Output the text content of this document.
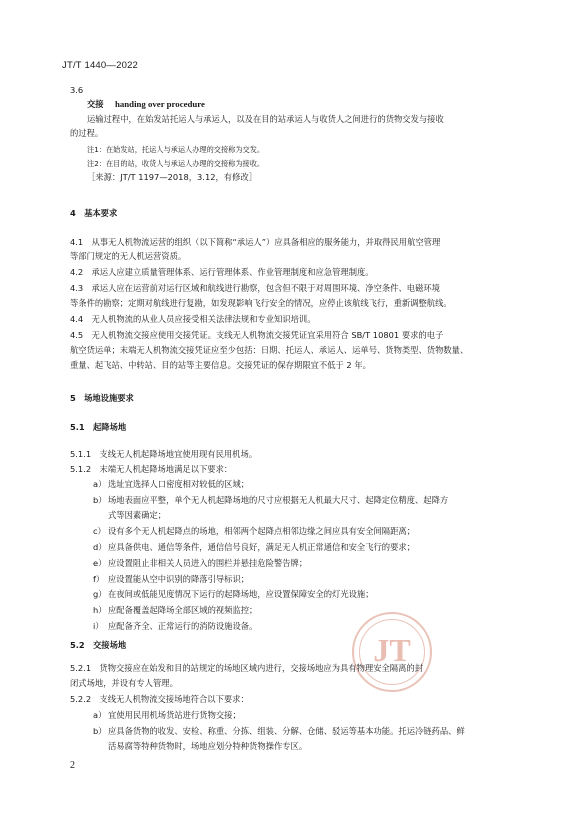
JT/T 1440—2022
3.6
交接 handing over procedure
运输过程中，在始发站托运人与承运人，以及在目的站承运人与收货人之间进行的货物交发与接收
的过程。
注1：在始发站，托运人与承运人办理的交接称为交发。
注2：在目的站，收货人与承运人办理的交接称为接收。
［来源：JT/T 1197—2018，3.12，有修改］
4　基本要求
4.1　从事无人机物流运营的组织（以下简称“承运人”）应具备相应的服务能力，并取得民用航空管理
等部门规定的无人机运营资质。
4.2　承运人应建立质量管理体系、运行管理体系、作业管理制度和应急管理制度。
4.3　承运人应在运营前对运行区域和航线进行勘察，包含但不限于对周围环境、净空条件、电磁环境
等条件的勘察；定期对航线进行复勘，如发现影响飞行安全的情况，应停止该航线飞行，重新调整航线。
4.4　无人机物流的从业人员应接受相关法律法规和专业知识培训。
4.5　无人机物流交接应使用交接凭证。支线无人机物流交接凭证宜采用符合 SB/T 10801 要求的电子
航空货运单；末端无人机物流交接凭证应至少包括：日期、托运人、承运人、运单号、货物类型、货物数量、
重量、起飞站、中转站、目的站等主要信息。交接凭证的保存期限宜不低于 2 年。
5　场地设施要求
5.1　起降场地
5.1.1　支线无人机起降场地宜使用现有民用机场。
5.1.2　末端无人机起降场地满足以下要求：
a） 选址宜选择人口密度相对较低的区域；
b） 场地表面应平整，单个无人机起降场地的尺寸应根据无人机最大尺寸、起降定位精度、起降方
式等因素确定；
c） 设有多个无人机起降点的场地，相邻两个起降点相邻边缘之间应具有安全间隔距离；
d） 应具备供电、通信等条件，通信信号良好，满足无人机正常通信和安全飞行的要求；
e） 应设置阻止非相关人员进入的围栏并悬挂危险警告牌；
f） 应设置能从空中识别的降落引导标识；
g） 在夜间或低能见度情况下运行的起降场地，应设置保障安全的灯光设施；
h） 应配备覆盖起降场全部区域的视频监控；
i） 应配备齐全、正常运行的消防设施设备。
JT
5.2　交接场地
5.2.1　货物交接应在始发和目的站规定的场地区域内进行，交接场地应为具有物理安全隔离的封
闭式场地，并设有专人管理。
5.2.2　支线无人机物流交接场地符合以下要求：
a） 宜使用民用机场货站进行货物交接；
b） 应具备货物的收发、安检、称重、分拣、组装、分解、仓储、驳运等基本功能。托运冷链药品、鲜
活易腐等特种货物时，场地应划分特种货物操作专区。
2
